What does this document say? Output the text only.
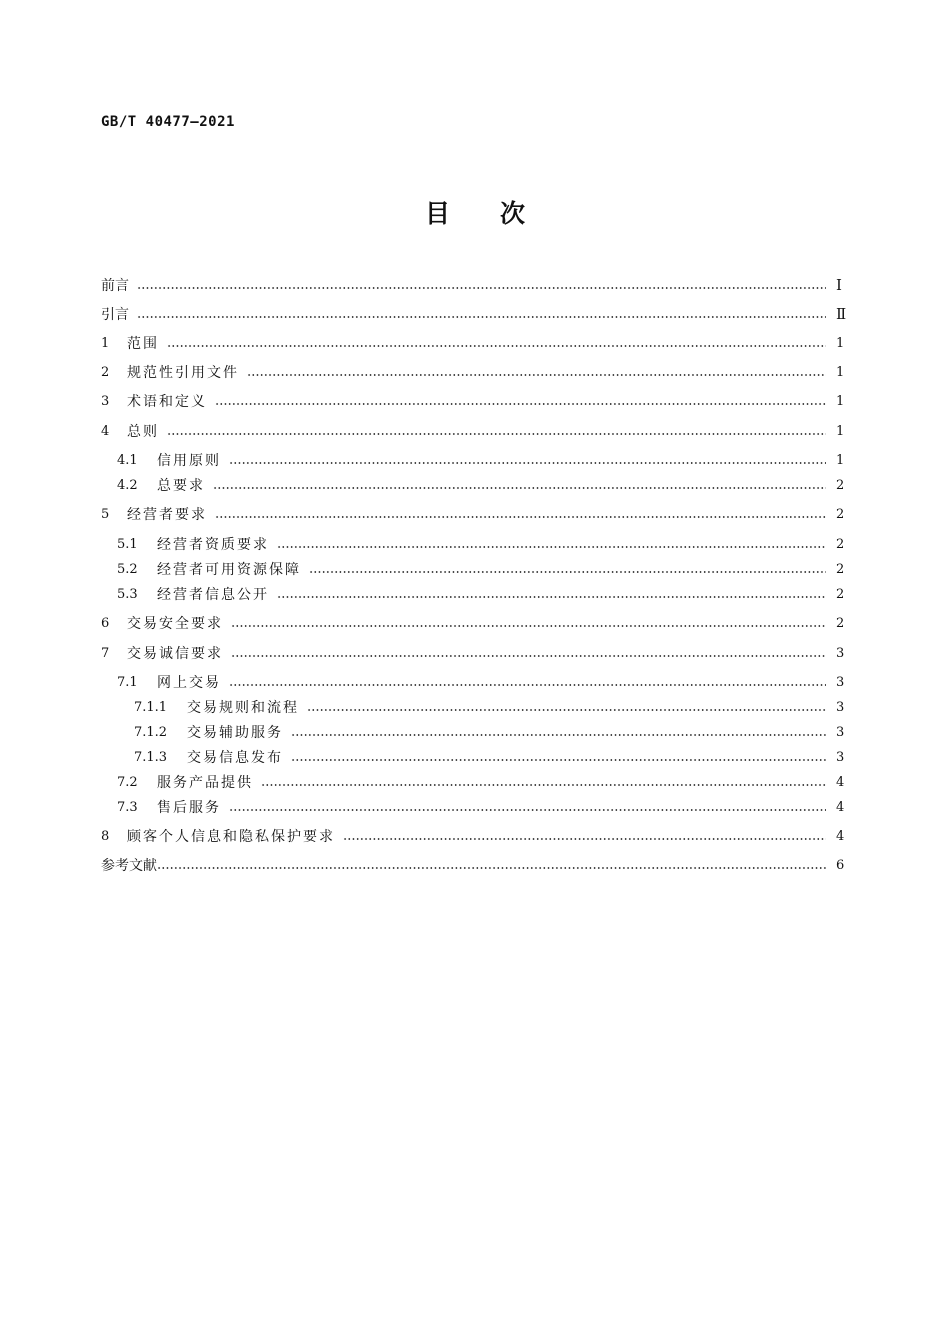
GB/T 40477—2021
目 次
前言	Ⅰ
引言	Ⅱ
1	范围	1
2	规范性引用文件	1
3	术语和定义	1
4	总则	1
4.1	信用原则	1
4.2	总要求	2
5	经营者要求	2
5.1	经营者资质要求	2
5.2	经营者可用资源保障	2
5.3	经营者信息公开	2
6	交易安全要求	2
7	交易诚信要求	3
7.1	网上交易	3
7.1.1	交易规则和流程	3
7.1.2	交易辅助服务	3
7.1.3	交易信息发布	3
7.2	服务产品提供	4
7.3	售后服务	4
8	顾客个人信息和隐私保护要求	4
参考文献	6
